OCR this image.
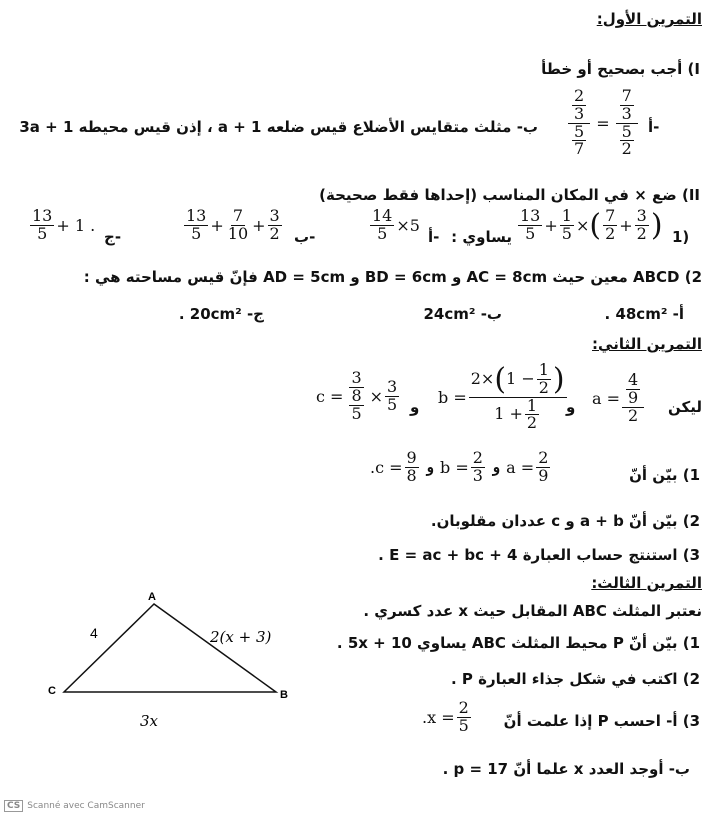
التمرين الأول:
I) أجب بصحيح أو خطأ
أ-
$\frac{\frac{2}{3}}{\frac{5}{7}} = \frac{\frac{7}{3}}{\frac{5}{2}}$
ب- مثلث متقايس الأضلاع قيس ضلعه a + 1 ، إذن قيس محيطه 3a + 1
II) ضع × في المكان المناسب (إحداها فقط صحيحة)
1)
$\frac{13}{5} + \frac{1}{5}$ × ( $\frac{7}{2} + \frac{3}{2}$ )
يساوي :
أ-
$\frac{14}{5} \times 5$
ب-
$\frac{13}{5} + \frac{7}{10} + \frac{3}{2}$
ج-
$\frac{13}{5} + 1$ .
2) ABCD معين حيث AC = 8cm و BD = 6cm و AD = 5cm فإنّ قيس مساحته هي :
أ- 48cm² .
ب- 24cm²
ج- 20cm² .
التمرين الثاني:
ليكن
$a = \frac{\frac{4}{9}}{2}$
و
$b = \frac{2\times ( 1 - \frac{1}{2} )}{1 + \frac{1}{2}}$
و
$c = \frac{3}{\frac{8}{5}} \times \frac{3}{5}$
1) بيّن أنّ
. $c = \frac{9}{8}$ و $b = \frac{2}{3}$ و $a = \frac{2}{9}$
2) بيّن أنّ a + b و c عددان مقلوبان.
3) استنتج حساب العبارة E = ac + bc + 4 .
التمرين الثالث:
نعتبر المثلث ABC المقابل حيث x عدد كسري .
1) بيّن أنّ P محيط المثلث ABC يساوي 5x + 10 .
2) اكتب في شكل جذاء العبارة P .
3) أ- احسب P إذا علمت أنّ
. $x = \frac{2}{5}$
ب- أوجد العدد x علما أنّ p = 17 .
A
C	B
4	2(x + 3)
3x
CS Scanné avec CamScanner
